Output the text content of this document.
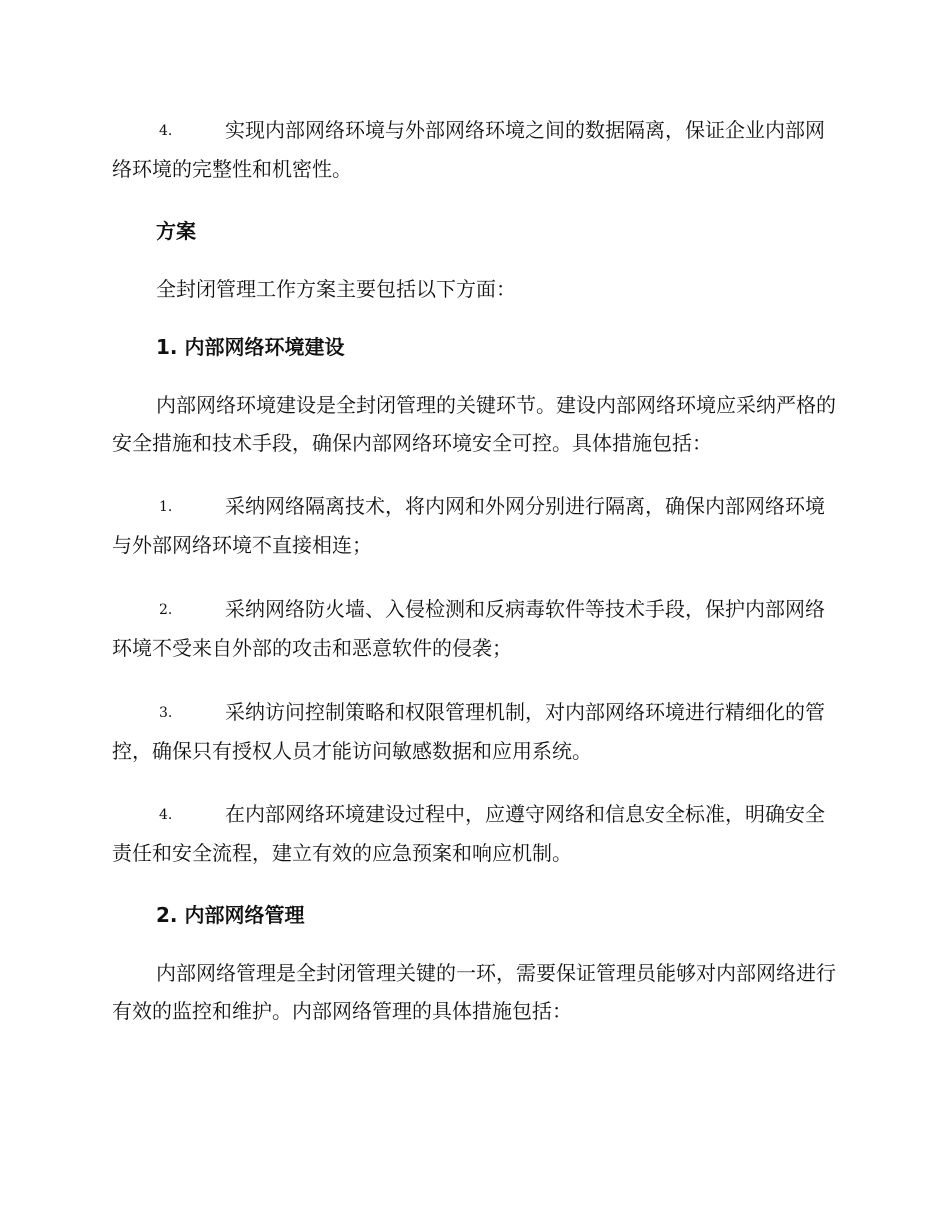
4.	实现内部网络环境与外部网络环境之间的数据隔离，保证企业内部网络环境的完整性和机密性。
方案
全封闭管理工作方案主要包括以下方面：
1. 内部网络环境建设
内部网络环境建设是全封闭管理的关键环节。建设内部网络环境应采纳严格的安全措施和技术手段，确保内部网络环境安全可控。具体措施包括：
1.	采纳网络隔离技术，将内网和外网分别进行隔离，确保内部网络环境与外部网络环境不直接相连；
2.	采纳网络防火墙、入侵检测和反病毒软件等技术手段，保护内部网络环境不受来自外部的攻击和恶意软件的侵袭；
3.	采纳访问控制策略和权限管理机制，对内部网络环境进行精细化的管控，确保只有授权人员才能访问敏感数据和应用系统。
4.	在内部网络环境建设过程中，应遵守网络和信息安全标准，明确安全责任和安全流程，建立有效的应急预案和响应机制。
2. 内部网络管理
内部网络管理是全封闭管理关键的一环，需要保证管理员能够对内部网络进行有效的监控和维护。内部网络管理的具体措施包括：
